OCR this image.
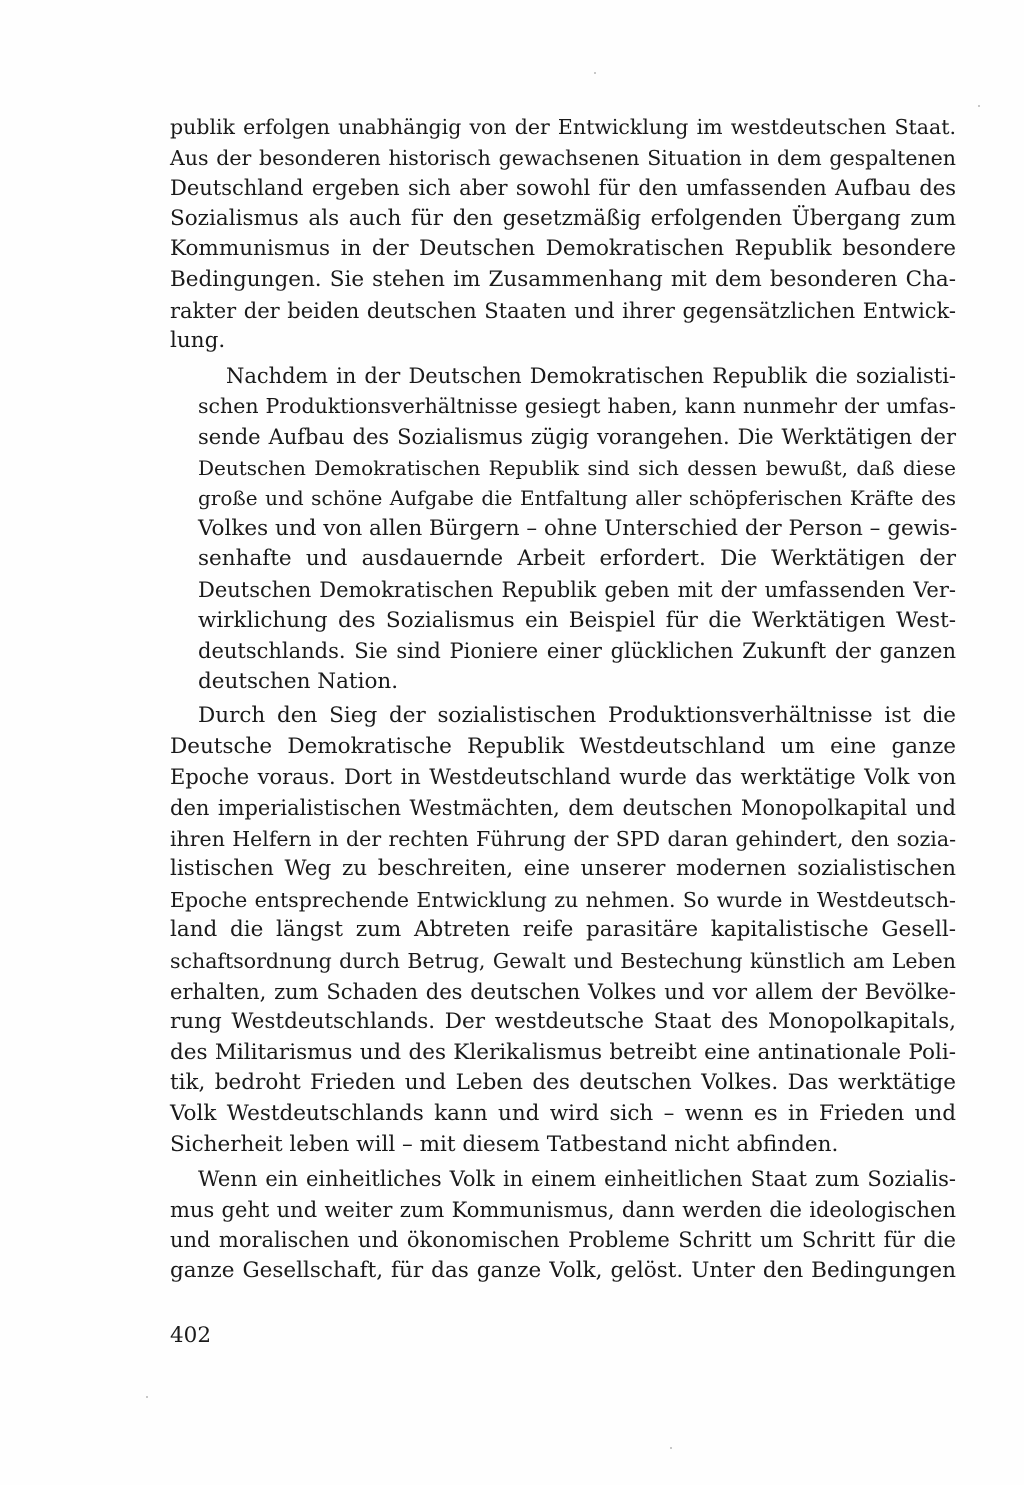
publik erfolgen unabhängig von der Entwicklung im westdeutschen Staat.
Aus der besonderen historisch gewachsenen Situation in dem gespaltenen
Deutschland ergeben sich aber sowohl für den umfassenden Aufbau des
Sozialismus als auch für den gesetzmäßig erfolgenden Übergang zum
Kommunismus in der Deutschen Demokratischen Republik besondere
Bedingungen. Sie stehen im Zusammenhang mit dem besonderen Cha-
rakter der beiden deutschen Staaten und ihrer gegensätzlichen Entwick-
lung.
Nachdem in der Deutschen Demokratischen Republik die sozialisti-
schen Produktionsverhältnisse gesiegt haben, kann nunmehr der umfas-
sende Aufbau des Sozialismus zügig vorangehen. Die Werktätigen der
Deutschen Demokratischen Republik sind sich dessen bewußt, daß diese
große und schöne Aufgabe die Entfaltung aller schöpferischen Kräfte des
Volkes und von allen Bürgern – ohne Unterschied der Person – gewis-
senhafte und ausdauernde Arbeit erfordert. Die Werktätigen der
Deutschen Demokratischen Republik geben mit der umfassenden Ver-
wirklichung des Sozialismus ein Beispiel für die Werktätigen West-
deutschlands. Sie sind Pioniere einer glücklichen Zukunft der ganzen
deutschen Nation.
Durch den Sieg der sozialistischen Produktionsverhältnisse ist die
Deutsche Demokratische Republik Westdeutschland um eine ganze
Epoche voraus. Dort in Westdeutschland wurde das werktätige Volk von
den imperialistischen Westmächten, dem deutschen Monopolkapital und
ihren Helfern in der rechten Führung der SPD daran gehindert, den sozia-
listischen Weg zu beschreiten, eine unserer modernen sozialistischen
Epoche entsprechende Entwicklung zu nehmen. So wurde in Westdeutsch-
land die längst zum Abtreten reife parasitäre kapitalistische Gesell-
schaftsordnung durch Betrug, Gewalt und Bestechung künstlich am Leben
erhalten, zum Schaden des deutschen Volkes und vor allem der Bevölke-
rung Westdeutschlands. Der westdeutsche Staat des Monopolkapitals,
des Militarismus und des Klerikalismus betreibt eine antinationale Poli-
tik, bedroht Frieden und Leben des deutschen Volkes. Das werktätige
Volk Westdeutschlands kann und wird sich – wenn es in Frieden und
Sicherheit leben will – mit diesem Tatbestand nicht abfinden.
Wenn ein einheitliches Volk in einem einheitlichen Staat zum Sozialis-
mus geht und weiter zum Kommunismus, dann werden die ideologischen
und moralischen und ökonomischen Probleme Schritt um Schritt für die
ganze Gesellschaft, für das ganze Volk, gelöst. Unter den Bedingungen
402
